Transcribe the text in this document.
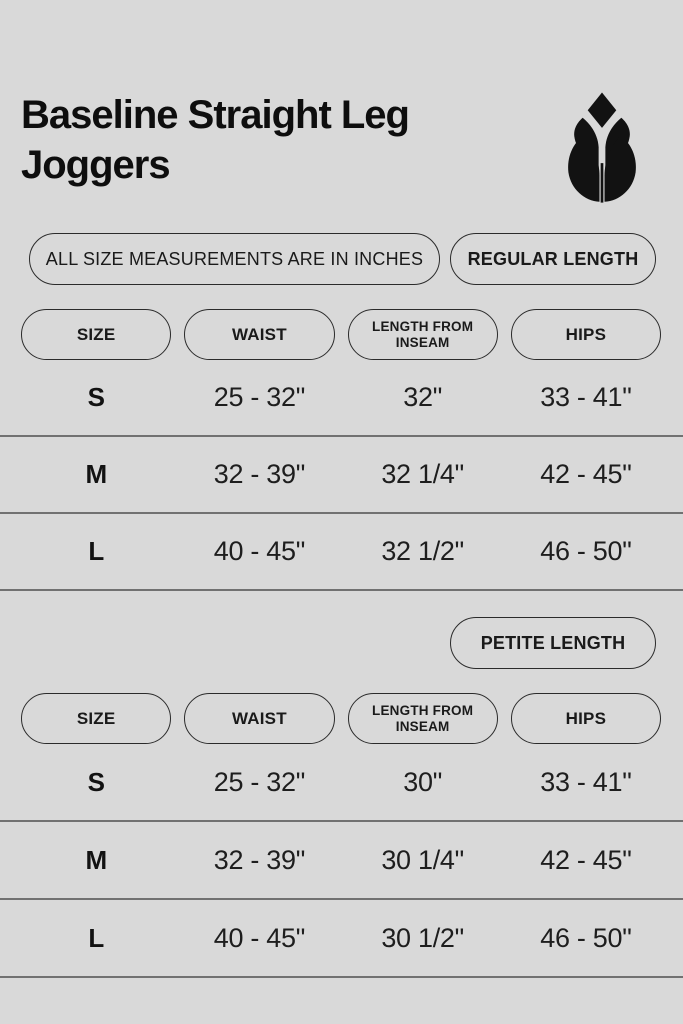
Baseline Straight Leg
Joggers
ALL SIZE MEASUREMENTS ARE IN INCHES REGULAR LENGTH
SIZE	WAIST	LENGTH FROM INSEAM	HIPS
S	25 - 32"	32"	33 - 41"
M	32 - 39"	32 1/4"	42 - 45"
L	40 - 45"	32 1/2"	46 - 50"
PETITE LENGTH
SIZE	WAIST	LENGTH FROM INSEAM	HIPS
S	25 - 32"	30"	33 - 41"
M	32 - 39"	30 1/4"	42 - 45"
L	40 - 45"	30 1/2"	46 - 50"
